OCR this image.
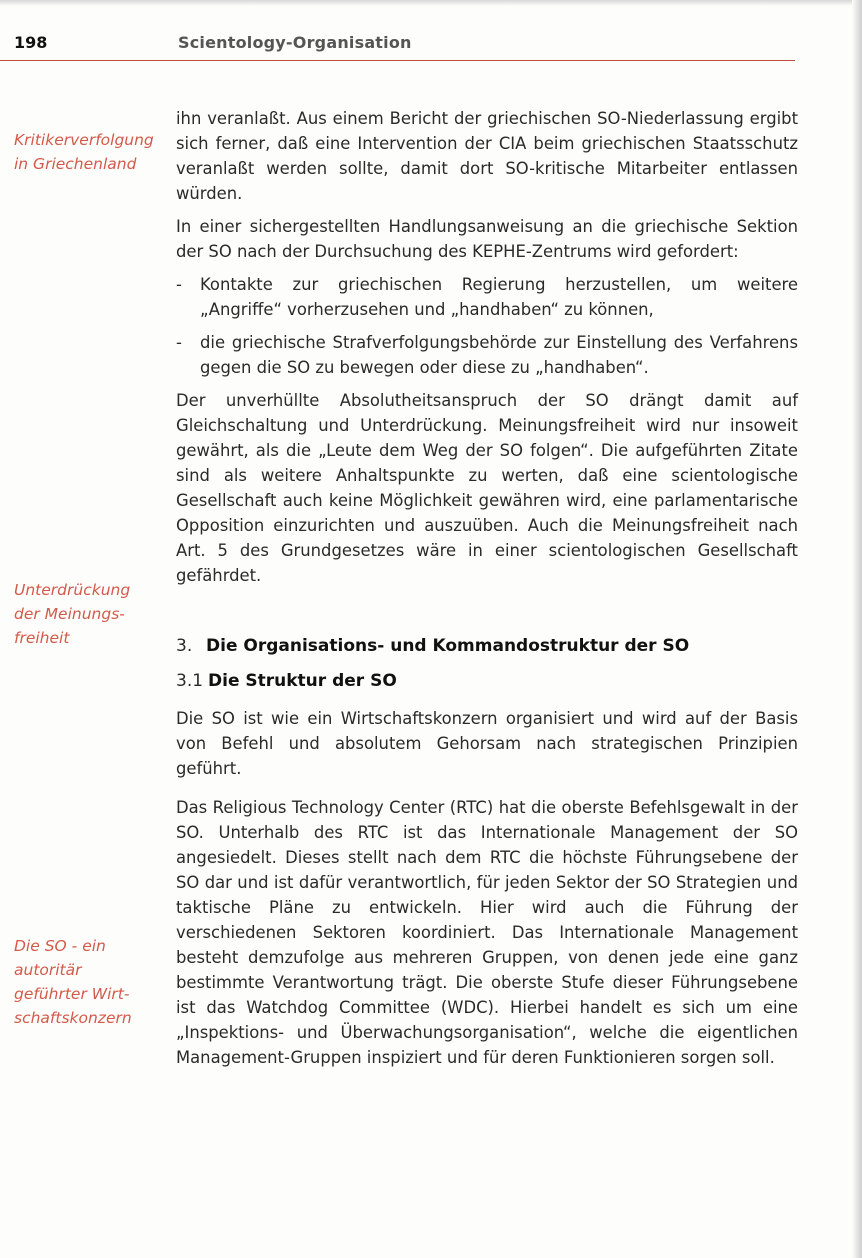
198	Scientology-Organisation
Kritikerverfolgung in Griechenland
Unterdrückung der Meinungs- freiheit
Die SO - ein autoritär geführter Wirt- schaftskonzern

ihn veranlaßt. Aus einem Bericht der griechischen SO-Niederlassung ergibt sich ferner, daß eine Intervention der CIA beim griechischen Staatsschutz veranlaßt werden sollte, damit dort SO-kritische Mitarbeiter entlassen würden.

In einer sichergestellten Handlungsanweisung an die griechische Sektion der SO nach der Durchsuchung des KEPHE-Zentrums wird gefordert:

- Kontakte zur griechischen Regierung herzustellen, um weitere „Angriffe“ vorherzusehen und „handhaben“ zu können,
- die griechische Strafverfolgungsbehörde zur Einstellung des Verfahrens gegen die SO zu bewegen oder diese zu „handhaben“.

Der unverhüllte Absolutheitsanspruch der SO drängt damit auf Gleichschaltung und Unterdrückung. Meinungsfreiheit wird nur insoweit gewährt, als die „Leute dem Weg der SO folgen“. Die aufgeführten Zitate sind als weitere Anhaltspunkte zu werten, daß eine scientologische Gesellschaft auch keine Möglichkeit gewähren wird, eine parlamentarische Opposition einzurichten und auszuüben. Auch die Meinungsfreiheit nach Art. 5 des Grundgesetzes wäre in einer scientologischen Gesellschaft gefährdet.

3. Die Organisations- und Kommandostruktur der SO
3.1 Die Struktur der SO

Die SO ist wie ein Wirtschaftskonzern organisiert und wird auf der Basis von Befehl und absolutem Gehorsam nach strategischen Prinzipien geführt.

Das Religious Technology Center (RTC) hat die oberste Befehlsgewalt in der SO. Unterhalb des RTC ist das Internationale Management der SO angesiedelt. Dieses stellt nach dem RTC die höchste Führungsebene der SO dar und ist dafür verantwortlich, für jeden Sektor der SO Strategien und taktische Pläne zu entwickeln. Hier wird auch die Führung der verschiedenen Sektoren koordiniert. Das Internationale Management besteht demzufolge aus mehreren Gruppen, von denen jede eine ganz bestimmte Verantwortung trägt. Die oberste Stufe dieser Führungsebene ist das Watchdog Committee (WDC). Hierbei handelt es sich um eine „Inspektions- und Überwachungsorganisation“, welche die eigentlichen Management-Gruppen inspiziert und für deren Funktionieren sorgen soll.
